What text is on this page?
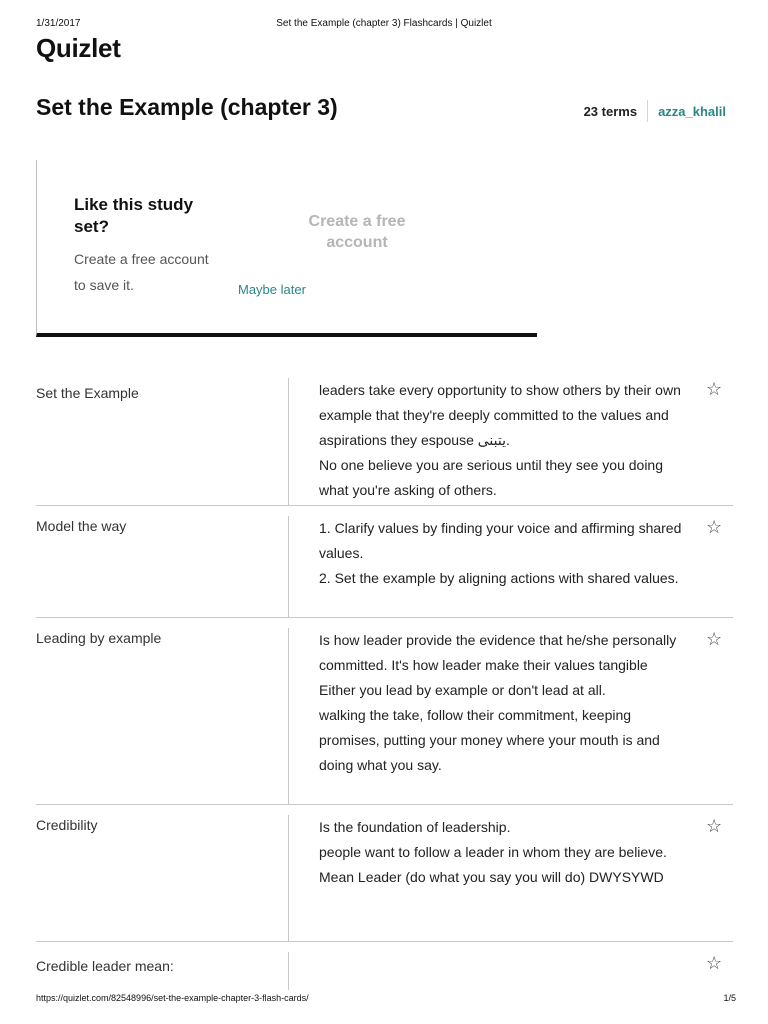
1/31/2017	Set the Example (chapter 3) Flashcards | Quizlet
Quizlet
Set the Example (chapter 3)	23 terms	azza_khalil
Like this study set?
Create a free account to save it.
Create a free account
Maybe later
Set the Example	leaders take every opportunity to show others by their own example that they're deeply committed to the values and aspirations they espouse يتبنى.
No one believe you are serious until they see you doing what you're asking of others.
☆
Model the way	1. Clarify values by finding your voice and affirming shared values.
2. Set the example by aligning actions with shared values.
☆
Leading by example	Is how leader provide the evidence that he/she personally committed. It's how leader make their values tangible Either you lead by example or don't lead at all.
walking the take, follow their commitment, keeping promises, putting your money where your mouth is and doing what you say.
☆
Credibility	Is the foundation of leadership.
people want to follow a leader in whom they are believe.
Mean Leader (do what you say you will do) DWYSYWD
☆
Credible leader mean:	☆
https://quizlet.com/82548996/set-the-example-chapter-3-flash-cards/	1/5
